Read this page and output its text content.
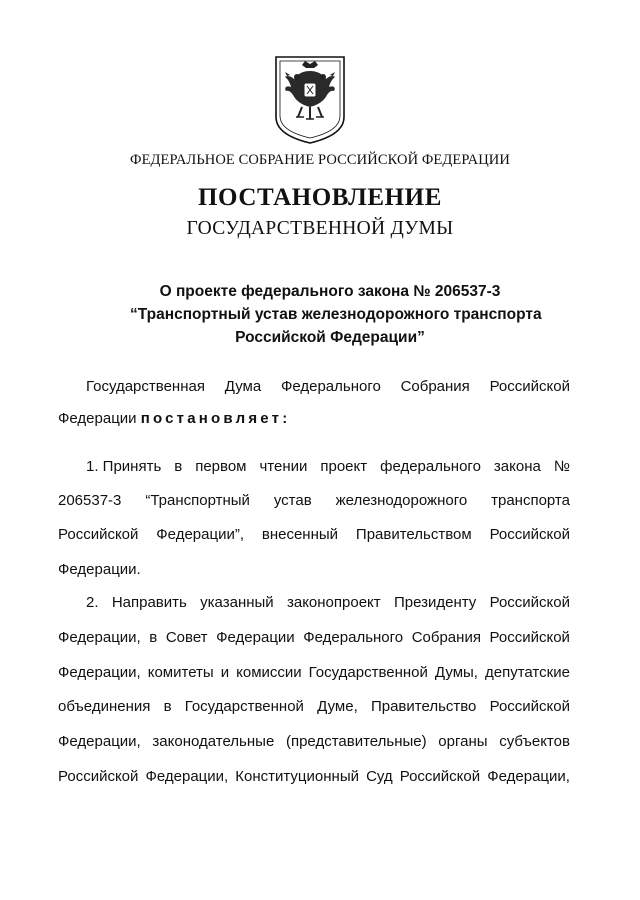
ФЕДЕРАЛЬНОЕ СОБРАНИЕ РОССИЙСКОЙ ФЕДЕРАЦИИ
ПОСТАНОВЛЕНИЕ
ГОСУДАРСТВЕННОЙ ДУМЫ
О проекте федерального закона № 206537-3
“Транспортный устав железнодорожного транспорта
Российской Федерации”
Государственная Дума Федерального Собрания Российской
Федерации постановляет:
1. Принять в первом чтении проект федерального закона №
206537-3 “Транспортный устав железнодорожного транспорта
Российской Федерации”, внесенный Правительством Российской
Федерации.
2. Направить указанный законопроект Президенту Российской
Федерации, в Совет Федерации Федерального Собрания Российской
Федерации, комитеты и комиссии Государственной Думы, депутатские
объединения в Государственной Думе, Правительство Российской
Федерации, законодательные (представительные) органы субъектов
Российской Федерации, Конституционный Суд Российской Федерации,
